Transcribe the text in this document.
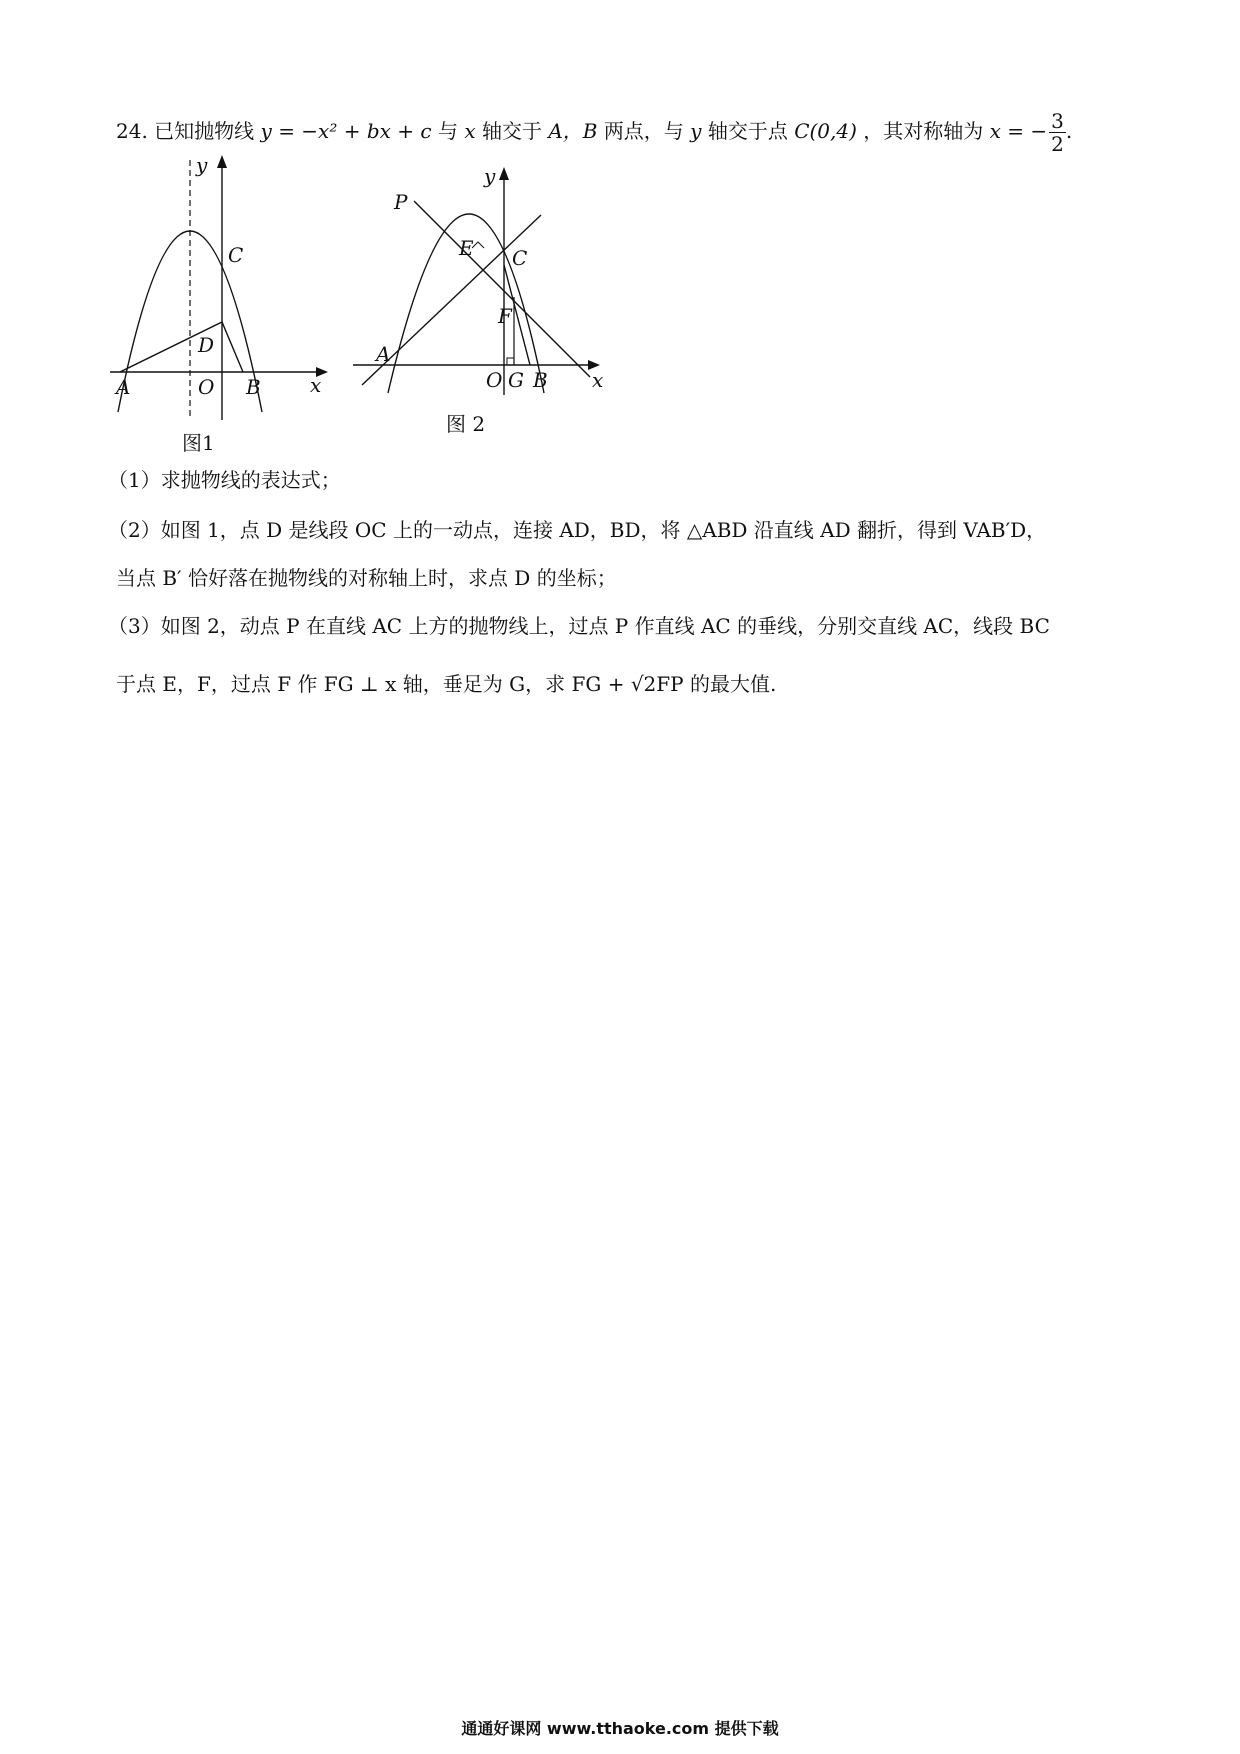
24. 已知抛物线 y = −x² + bx + c 与 x 轴交于 A，B 两点，与 y 轴交于点 C(0,4) ，其对称轴为 x = − $\frac{3}{2}$ .
y
x
C
D
A	O B
图1
y
x
P
E C
F
A
O G B
图 2
（1）求抛物线的表达式；
（2）如图 1，点 D 是线段 OC 上的一动点，连接 AD，BD，将 △ABD 沿直线 AD 翻折，得到 VAB′D，
当点 B′ 恰好落在抛物线的对称轴上时，求点 D 的坐标；
（3）如图 2，动点 P 在直线 AC 上方的抛物线上，过点 P 作直线 AC 的垂线，分别交直线 AC，线段 BC
于点 E，F，过点 F 作 FG ⊥ x 轴，垂足为 G，求 FG + √2FP 的最大值.
通通好课网 www.tthaoke.com 提供下载
